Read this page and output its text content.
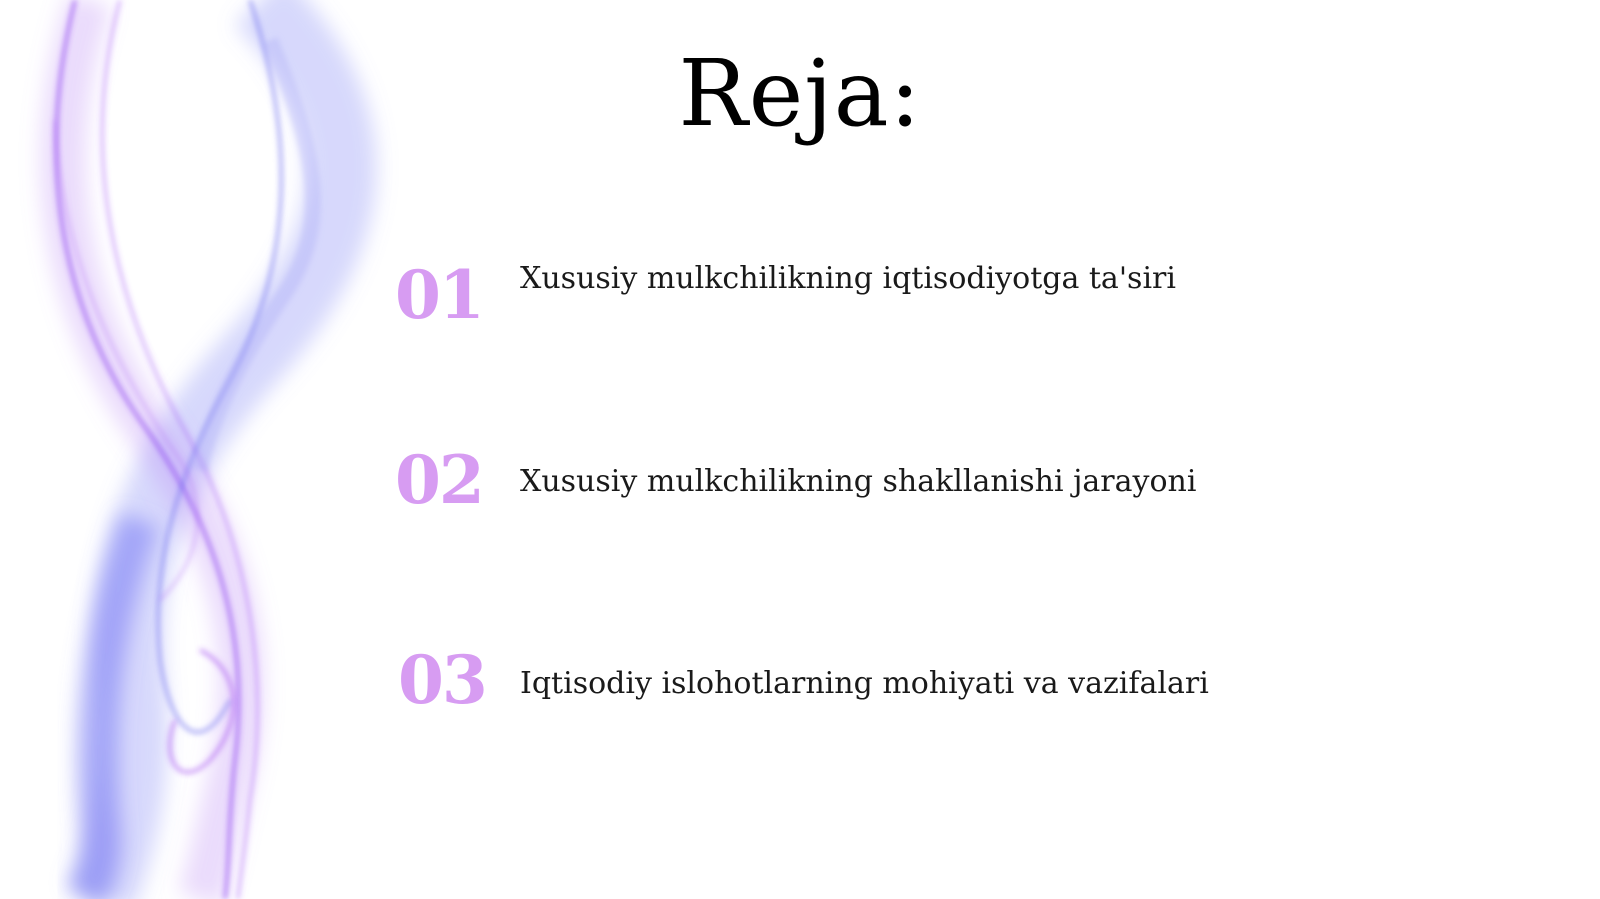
Reja:
01 Xususiy mulkchilikning iqtisodiyotga ta'siri
02 Xususiy mulkchilikning shakllanishi jarayoni
03 Iqtisodiy islohotlarning mohiyati va vazifalari
